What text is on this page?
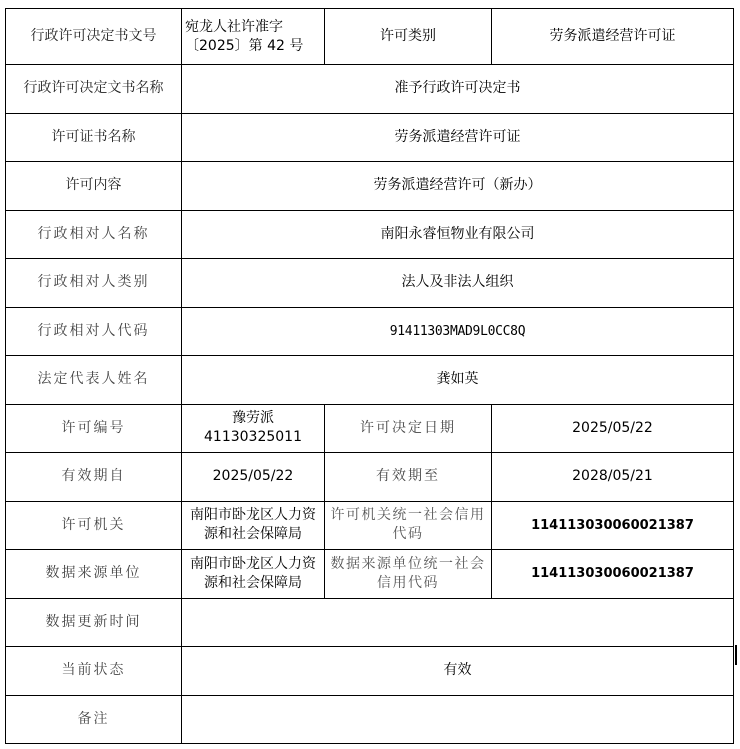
行政许可决定书文号	宛龙人社许准字〔2025〕第 42 号	许可类别	劳务派遣经营许可证
行政许可决定文书名称	准予行政许可决定书		
许可证书名称	劳务派遣经营许可证		
许可内容	劳务派遣经营许可（新办）		
行政相对人名称	南阳永睿恒物业有限公司		
行政相对人类别	法人及非法人组织		
行政相对人代码	91411303MAD9L0CC8Q		
法定代表人姓名	龚如英		
许可编号	豫劳派41130325011	许可决定日期	2025/05/22
有效期自	2025/05/22	有效期至	2028/05/21
许可机关	南阳市卧龙区人力资源和社会保障局	许可机关统一社会信用代码	11411303006002138​7
数据来源单位	南阳市卧龙区人力资源和社会保障局	数据来源单位统一社会信用代码	114113030060021387
数据更新时间			
当前状态	有效		
备注			
